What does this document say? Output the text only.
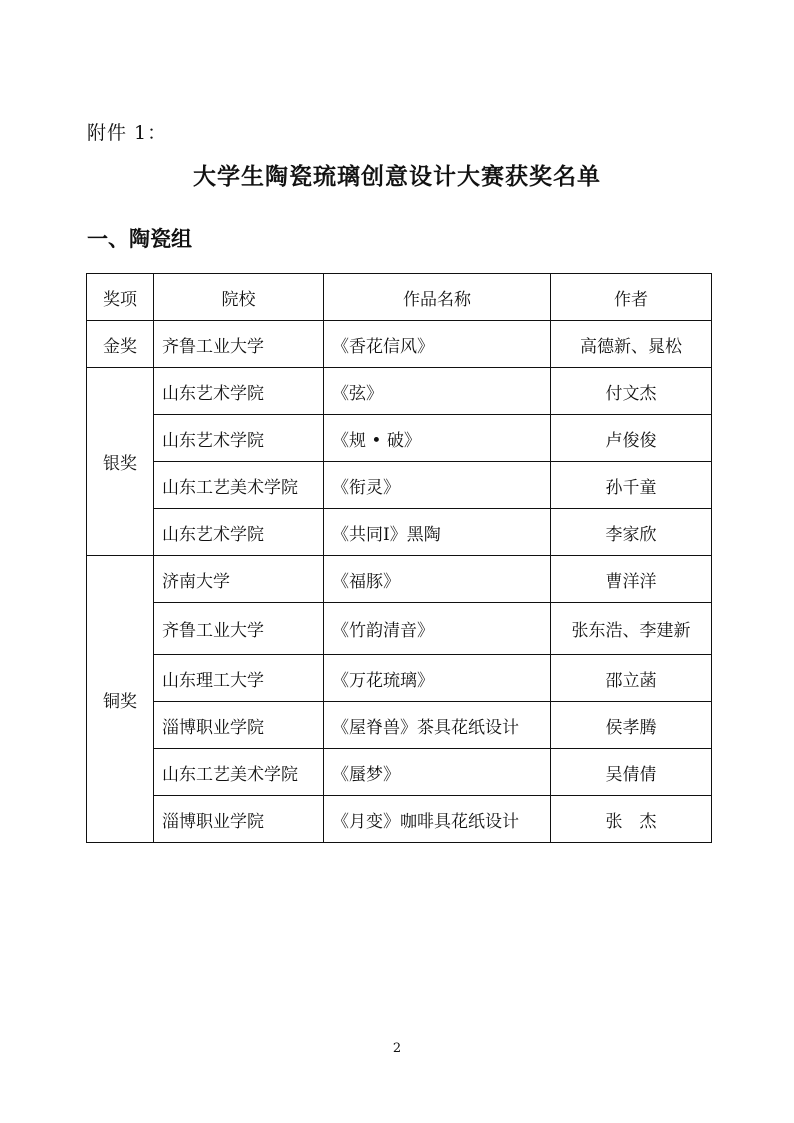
附件 1：
大学生陶瓷琉璃创意设计大赛获奖名单
一、陶瓷组
奖项	院校	作品名称	作者
金奖	齐鲁工业大学	《香花信风》	高德新、晁松
银奖	山东艺术学院	《弦》	付文杰
	山东艺术学院	《规 • 破》	卢俊俊
	山东工艺美术学院	《衔灵》	孙千童
	山东艺术学院	《共同Ⅰ》黑陶	李家欣
铜奖	济南大学	《福豚》	曹洋洋
	齐鲁工业大学	《竹韵清音》	张东浩、李建新
	山东理工大学	《万花琉璃》	邵立菡
	淄博职业学院	《屋脊兽》茶具花纸设计	侯孝腾
	山东工艺美术学院	《蜃梦》	吴倩倩
	淄博职业学院	《月变》咖啡具花纸设计	张　杰
2
